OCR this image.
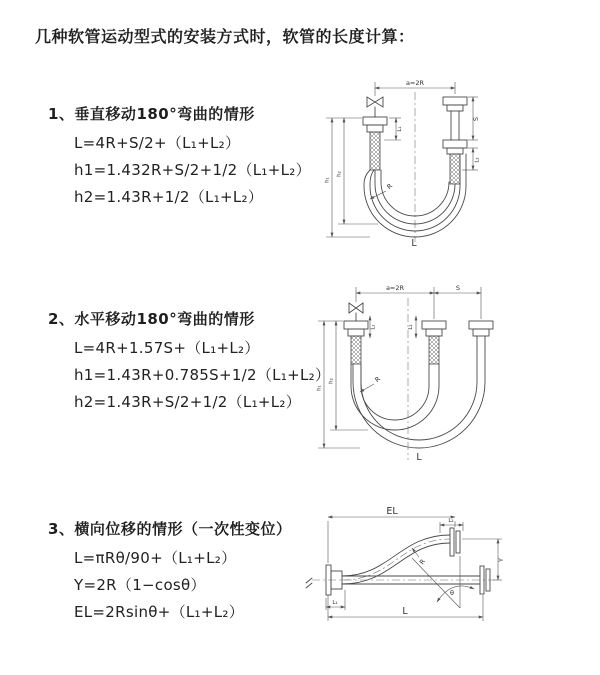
几种软管运动型式的安装方式时，软管的长度计算：
1、垂直移动180°弯曲的情形
L=4R+S/2+（L₁+L₂）
h1=1.432R+S/2+1/2（L₁+L₂）
h2=1.43R+1/2（L₁+L₂）
2、水平移动180°弯曲的情形
L=4R+1.57S+（L₁+L₂）
h1=1.43R+0.785S+1/2（L₁+L₂）
h2=1.43R+S/2+1/2（L₁+L₂）
3、横向位移的情形（一次性变位）
L=πRθ/90+（L₁+L₂）
Y=2R（1−cosθ）
EL=2Rsinθ+（L₁+L₂）
a=2R
S
L₂
L₁
h₁
h₂
R
L
a=2R	S
L₁	L₂
h₁
h₂	R
L
EL
L₂
Y
L
L₁
θ
R
